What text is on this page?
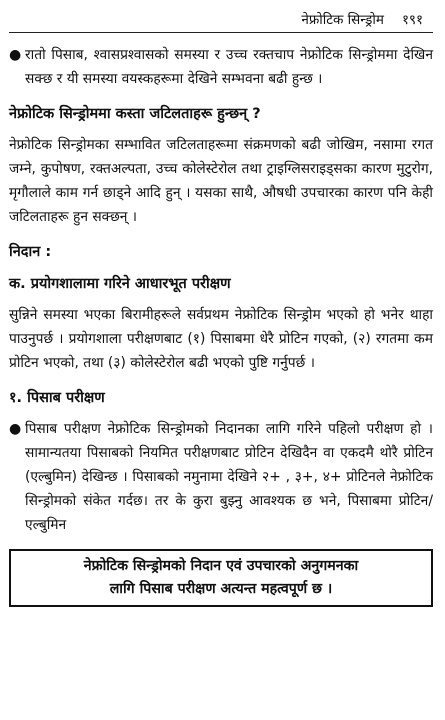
नेफ्रोटिक सिन्ड्रोम १९१
● रातो पिसाब, श्वासप्रश्वासको समस्या र उच्च रक्तचाप नेफ्रोटिक सिन्ड्रोममा देखिन सक्छ र यी समस्या वयस्कहरूमा देखिने सम्भवना बढी हुन्छ ।

नेफ्रोटिक सिन्ड्रोममा कस्ता जटिलताहरू हुन्छन् ?

नेफ्रोटिक सिन्ड्रोमका सम्भावित जटिलताहरूमा संक्रमणको बढी जोखिम, नसामा रगत जम्ने, कुपोषण, रक्तअल्पता, उच्च कोलेस्टेरोल तथा ट्राइग्लिसराइड्सका कारण मुटुरोग, मृगौलाले काम गर्न छाड्ने आदि हुन् । यसका साथै, औषधी उपचारका कारण पनि केही जटिलताहरू हुन सक्छन् ।

निदान :
क. प्रयोगशालामा गरिने आधारभूत परीक्षण

सुन्निने समस्या भएका बिरामीहरूले सर्वप्रथम नेफ्रोटिक सिन्ड्रोम भएको हो भनेर थाहा पाउनुपर्छ । प्रयोगशाला परीक्षणबाट (१) पिसाबमा धेरै प्रोटिन गएको, (२) रगतमा कम प्रोटिन भएको, तथा (३) कोलेस्टेरोल बढी भएको पुष्टि गर्नुपर्छ ।

१. पिसाब परीक्षण
● पिसाब परीक्षण नेफ्रोटिक सिन्ड्रोमको निदानका लागि गरिने पहिलो परीक्षण हो । सामान्यतया पिसाबको नियमित परीक्षणबाट प्रोटिन देखिदैन वा एकदमै थोरै प्रोटिन (एल्बुमिन) देखिन्छ । पिसाबको नमुनामा देखिने २+ , ३+, ४+ प्रोटिनले नेफ्रोटिक सिन्ड्रोमको संकेत गर्दछ। तर के कुरा बुझ्नु आवश्यक छ भने, पिसाबमा प्रोटिन/एल्बुमिन

नेफ्रोटिक सिन्ड्रोमको निदान एवं उपचारको अनुगमनका
लागि पिसाब परीक्षण अत्यन्त महत्वपूर्ण छ ।
